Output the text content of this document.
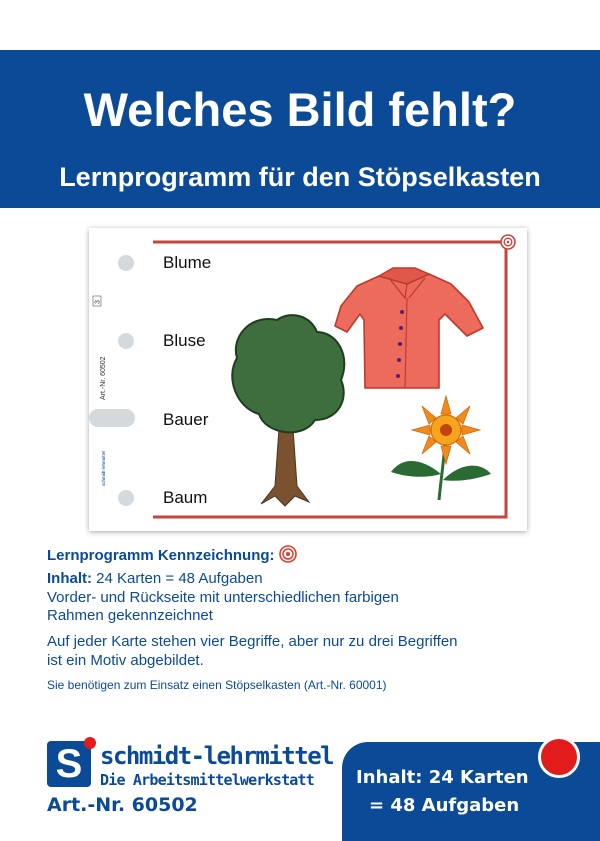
Welches Bild fehlt?
Lernprogramm für den Stöpselkasten
3
Art.-Nr. 60502
schmidt-lehrmittel
Blume
Bluse
Bauer
Baum
Lernprogramm Kennzeichnung:
Inhalt: 24 Karten = 48 Aufgaben
Vorder- und Rückseite mit unterschiedlichen farbigen
Rahmen gekennzeichnet
Auf jeder Karte stehen vier Begriffe, aber nur zu drei Begriffen
ist ein Motiv abgebildet.
Sie benötigen zum Einsatz einen Stöpselkasten (Art.-Nr. 60001)
S schmidt-lehrmittel
Die Arbeitsmittelwerkstatt
Art.-Nr. 60502
Inhalt: 24 Karten
= 48 Aufgaben
